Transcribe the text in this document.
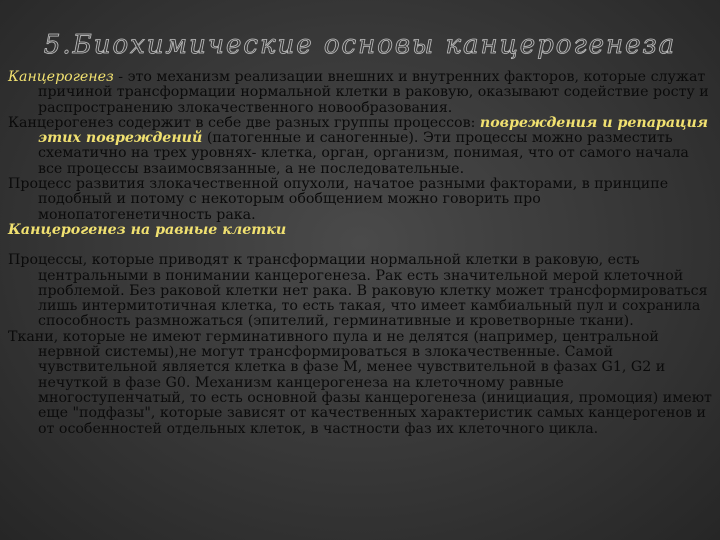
5.Биохимические основы канцерогенеза

Канцерогенез - это механизм реализации внешних и внутренних факторов, которые служат причиной трансформации нормальной клетки в раковую, оказывают содействие росту и распространению злокачественного новообразования.

Канцерогенез содержит в себе две разных группы процессов: повреждения и репарация этих повреждений (патогенные и саногенные). Эти процессы можно разместить схематично на трех уровнях- клетка, орган, организм, понимая, что от самого начала все процессы взаимосвязанные, а не последовательные.

Процесс развития злокачественной опухоли, начатое разными факторами, в принципе подобный и потому с некоторым обобщением можно говорить про монопатогенетичность рака.

Канцерогенез на равные клетки

Процессы, которые приводят к трансформации нормальной клетки в раковую, есть центральными в понимании канцерогенеза. Рак есть значительной мерой клеточной проблемой. Без раковой клетки нет рака. В раковую клетку может трансформироваться лишь интермитотичная клетка, то есть такая, что имеет камбиальный пул и сохранила способность размножаться (эпителий, герминативные и кроветворные ткани).

Ткани, которые не имеют герминативного пула и не делятся (например, центральной нервной системы),не могут трансформироваться в злокачественные. Самой чувствительной является клетка в фазе М, менее чувствительной в фазах G1, G2 и нечуткой в фазе G0. Механизм канцерогенеза на клеточному равные многоступенчатый, то есть основной фазы канцерогенеза (инициация, промоция) имеют еще "подфазы", которые зависят от качественных характеристик самых канцерогенов и от особенностей отдельных клеток, в частности фаз их клеточного цикла.
